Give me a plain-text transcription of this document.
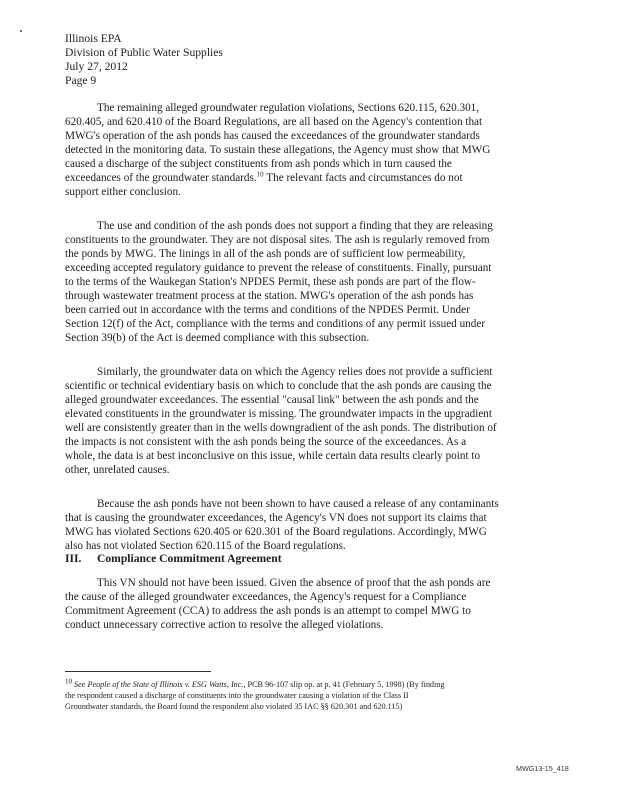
Illinois EPA
Division of Public Water Supplies
July 27, 2012
Page 9
The remaining alleged groundwater regulation violations, Sections 620.115, 620.301,
620.405, and 620.410 of the Board Regulations, are all based on the Agency's contention that
MWG's operation of the ash ponds has caused the exceedances of the groundwater standards
detected in the monitoring data. To sustain these allegations, the Agency must show that MWG
caused a discharge of the subject constituents from ash ponds which in turn caused the
exceedances of the groundwater standards.$^{10}$ The relevant facts and circumstances do not
support either conclusion.
The use and condition of the ash ponds does not support a finding that they are releasing
constituents to the groundwater. They are not disposal sites. The ash is regularly removed from
the ponds by MWG. The linings in all of the ash ponds are of sufficient low permeability,
exceeding accepted regulatory guidance to prevent the release of constituents. Finally, pursuant
to the terms of the Waukegan Station's NPDES Permit, these ash ponds are part of the flow-
through wastewater treatment process at the station. MWG's operation of the ash ponds has
been carried out in accordance with the terms and conditions of the NPDES Permit. Under
Section 12(f) of the Act, compliance with the terms and conditions of any permit issued under
Section 39(b) of the Act is deemed compliance with this subsection.
Similarly, the groundwater data on which the Agency relies does not provide a sufficient
scientific or technical evidentiary basis on which to conclude that the ash ponds are causing the
alleged groundwater exceedances. The essential "causal link" between the ash ponds and the
elevated constituents in the groundwater is missing. The groundwater impacts in the upgradient
well are consistently greater than in the wells downgradient of the ash ponds. The distribution of
the impacts is not consistent with the ash ponds being the source of the exceedances. As a
whole, the data is at best inconclusive on this issue, while certain data results clearly point to
other, unrelated causes.
Because the ash ponds have not been shown to have caused a release of any contaminants
that is causing the groundwater exceedances, the Agency's VN does not support its claims that
MWG has violated Sections 620.405 or 620.301 of the Board regulations. Accordingly, MWG
also has not violated Section 620.115 of the Board regulations.
III. Compliance Commitment Agreement
This VN should not have been issued. Given the absence of proof that the ash ponds are
the cause of the alleged groundwater exceedances, the Agency's request for a Compliance
Commitment Agreement (CCA) to address the ash ponds is an attempt to compel MWG to
conduct unnecessary corrective action to resolve the alleged violations.
$^{10}$ See People of the State of Illinois v. ESG Watts, Inc., PCB 96-107 slip op. at p. 41 (February 5, 1998) (By finding
the respondent caused a discharge of constituents into the groundwater causing a violation of the Class II
Groundwater standards, the Board found the respondent also violated 35 IAC §§ 620.301 and 620.115)
MWG13-15_418
